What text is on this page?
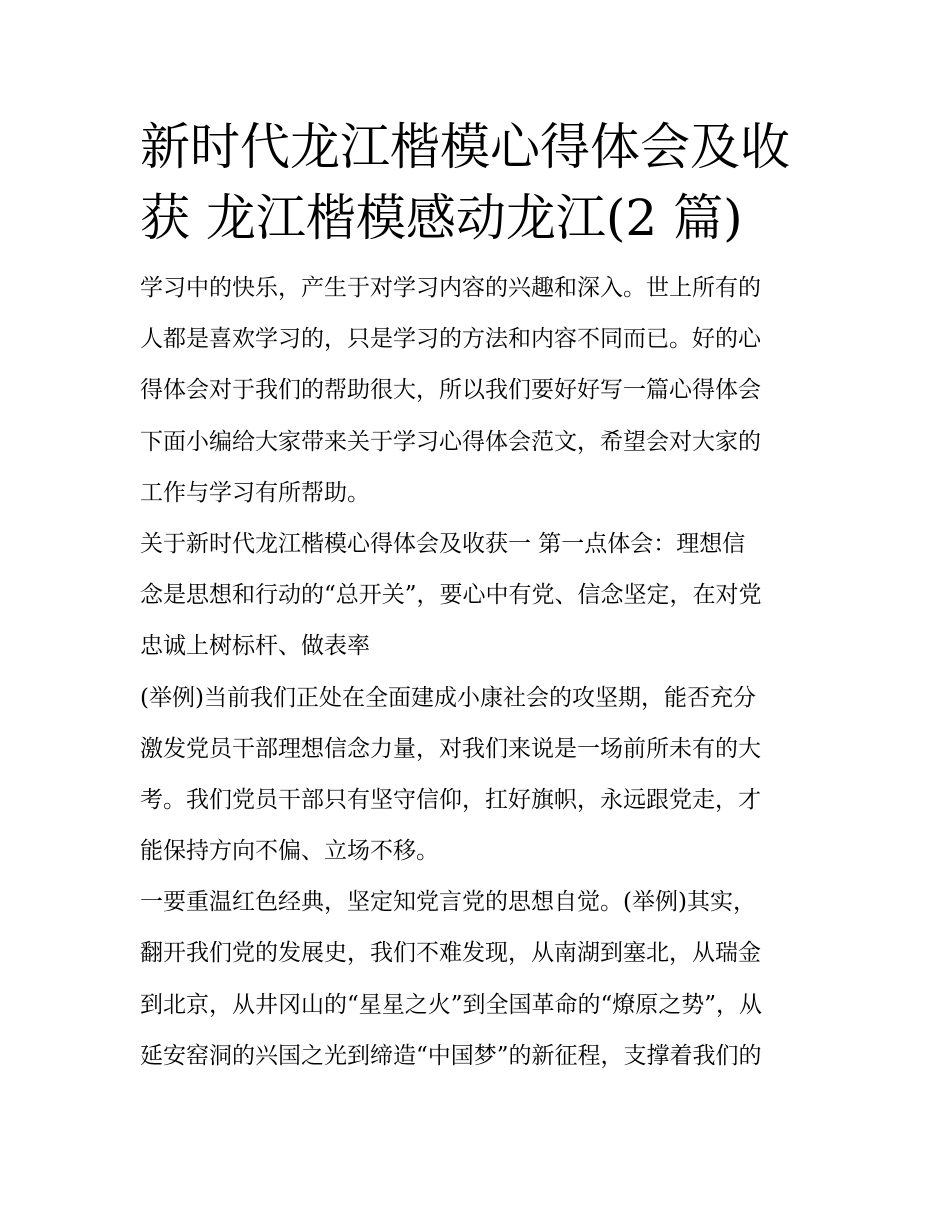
新时代龙江楷模心得体会及收
获 龙江楷模感动龙江(2 篇)
学习中的快乐，产生于对学习内容的兴趣和深入。世上所有的
人都是喜欢学习的，只是学习的方法和内容不同而已。好的心
得体会对于我们的帮助很大，所以我们要好好写一篇心得体会
下面小编给大家带来关于学习心得体会范文，希望会对大家的
工作与学习有所帮助。
关于新时代龙江楷模心得体会及收获一 第一点体会：理想信
念是思想和行动的“总开关”，要心中有党、信念坚定，在对党
忠诚上树标杆、做表率
(举例)当前我们正处在全面建成小康社会的攻坚期，能否充分
激发党员干部理想信念力量，对我们来说是一场前所未有的大
考。我们党员干部只有坚守信仰，扛好旗帜，永远跟党走，才
能保持方向不偏、立场不移。
一要重温红色经典，坚定知党言党的思想自觉。(举例)其实，
翻开我们党的发展史，我们不难发现，从南湖到塞北，从瑞金
到北京，从井冈山的“星星之火”到全国革命的“燎原之势”，从
延安窑洞的兴国之光到缔造“中国梦”的新征程，支撑着我们的
